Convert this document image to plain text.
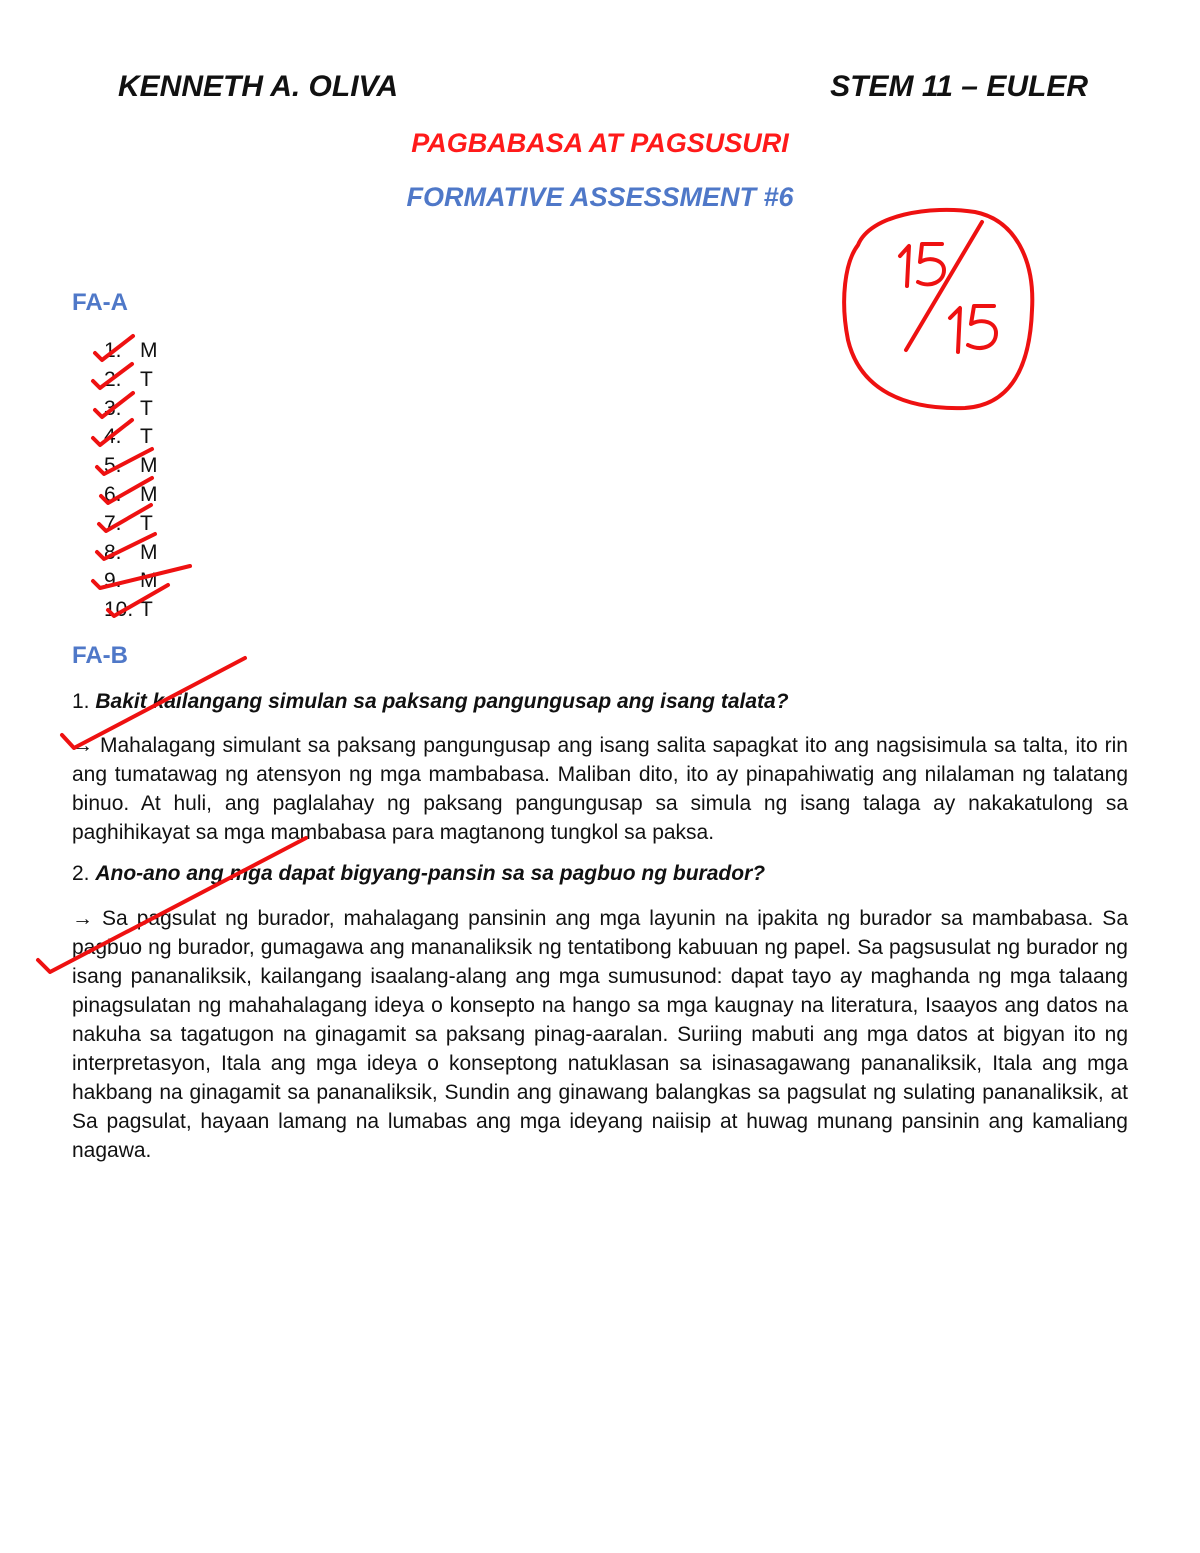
KENNETH A. OLIVA	STEM 11 – EULER
PAGBABASA AT PAGSUSURI
FORMATIVE ASSESSMENT #6
FA-A
1. M
2. T
3. T
4. T
5. M
6. M
7. T
8. M
9. M
10. T
FA-B
1. Bakit kailangang simulan sa paksang pangungusap ang isang talata?

→ Mahalagang simulant sa paksang pangungusap ang isang salita sapagkat ito ang nagsisimula sa talta, ito rin ang tumatawag ng atensyon ng mga mambabasa. Maliban dito, ito ay pinapahiwatig ang nilalaman ng talatang binuo. At huli, ang paglalahay ng paksang pangungusap sa simula ng isang talaga ay nakakatulong sa paghihikayat sa mga mambabasa para magtanong tungkol sa paksa.

2. Ano-ano ang mga dapat bigyang-pansin sa sa pagbuo ng burador?

→ Sa pagsulat ng burador, mahalagang pansinin ang mga layunin na ipakita ng burador sa mambabasa. Sa pagbuo ng burador, gumagawa ang mananaliksik ng tentatibong kabuuan ng papel. Sa pagsusulat ng burador ng isang pananaliksik, kailangang isaalang-alang ang mga sumusunod: dapat tayo ay maghanda ng mga talaang pinagsulatan ng mahahalagang ideya o konsepto na hango sa mga kaugnay na literatura, Isaayos ang datos na nakuha sa tagatugon na ginagamit sa paksang pinag-aaralan. Suriing mabuti ang mga datos at bigyan ito ng interpretasyon, Itala ang mga ideya o konseptong natuklasan sa isinasagawang pananaliksik, Itala ang mga hakbang na ginagamit sa pananaliksik, Sundin ang ginawang balangkas sa pagsulat ng sulating pananaliksik, at Sa pagsulat, hayaan lamang na lumabas ang mga ideyang naiisip at huwag munang pansinin ang kamaliang nagawa.
